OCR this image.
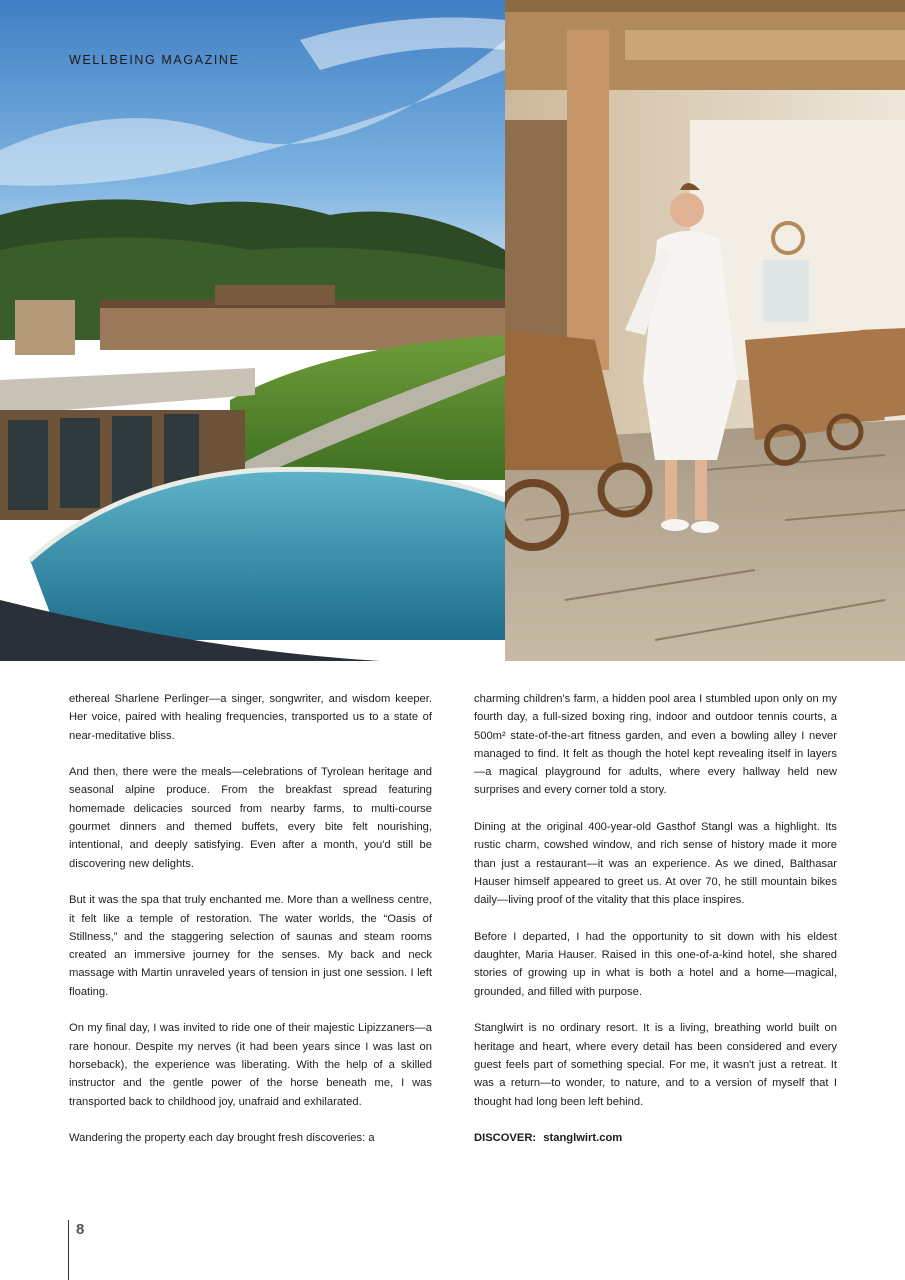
WELLBEING MAGAZINE

ethereal Sharlene Perlinger—a singer, songwriter, and wisdom keeper. Her voice, paired with healing frequencies, transported us to a state of near-meditative bliss.

And then, there were the meals—celebrations of Tyrolean heritage and seasonal alpine produce. From the breakfast spread featuring homemade delicacies sourced from nearby farms, to multi-course gourmet dinners and themed buffets, every bite felt nourishing, intentional, and deeply satisfying. Even after a month, you'd still be discovering new delights.

But it was the spa that truly enchanted me. More than a wellness centre, it felt like a temple of restoration. The water worlds, the “Oasis of Stillness,” and the staggering selection of saunas and steam rooms created an immersive journey for the senses. My back and neck massage with Martin unraveled years of tension in just one session. I left floating.

On my final day, I was invited to ride one of their majestic Lipizzaners—a rare honour. Despite my nerves (it had been years since I was last on horseback), the experience was liberating. With the help of a skilled instructor and the gentle power of the horse beneath me, I was transported back to childhood joy, unafraid and exhilarated.

Wandering the property each day brought fresh discoveries: a

charming children's farm, a hidden pool area I stumbled upon only on my fourth day, a full-sized boxing ring, indoor and outdoor tennis courts, a 500m² state-of-the-art fitness garden, and even a bowling alley I never managed to find. It felt as though the hotel kept revealing itself in layers—a magical playground for adults, where every hallway held new surprises and every corner told a story.

Dining at the original 400-year-old Gasthof Stangl was a highlight. Its rustic charm, cowshed window, and rich sense of history made it more than just a restaurant—it was an experience. As we dined, Balthasar Hauser himself appeared to greet us. At over 70, he still mountain bikes daily—living proof of the vitality that this place inspires.

Before I departed, I had the opportunity to sit down with his eldest daughter, Maria Hauser. Raised in this one-of-a-kind hotel, she shared stories of growing up in what is both a hotel and a home—magical, grounded, and filled with purpose.

Stanglwirt is no ordinary resort. It is a living, breathing world built on heritage and heart, where every detail has been considered and every guest feels part of something special. For me, it wasn't just a retreat. It was a return—to wonder, to nature, and to a version of myself that I thought had long been left behind.

DISCOVER: stanglwirt.com
8
